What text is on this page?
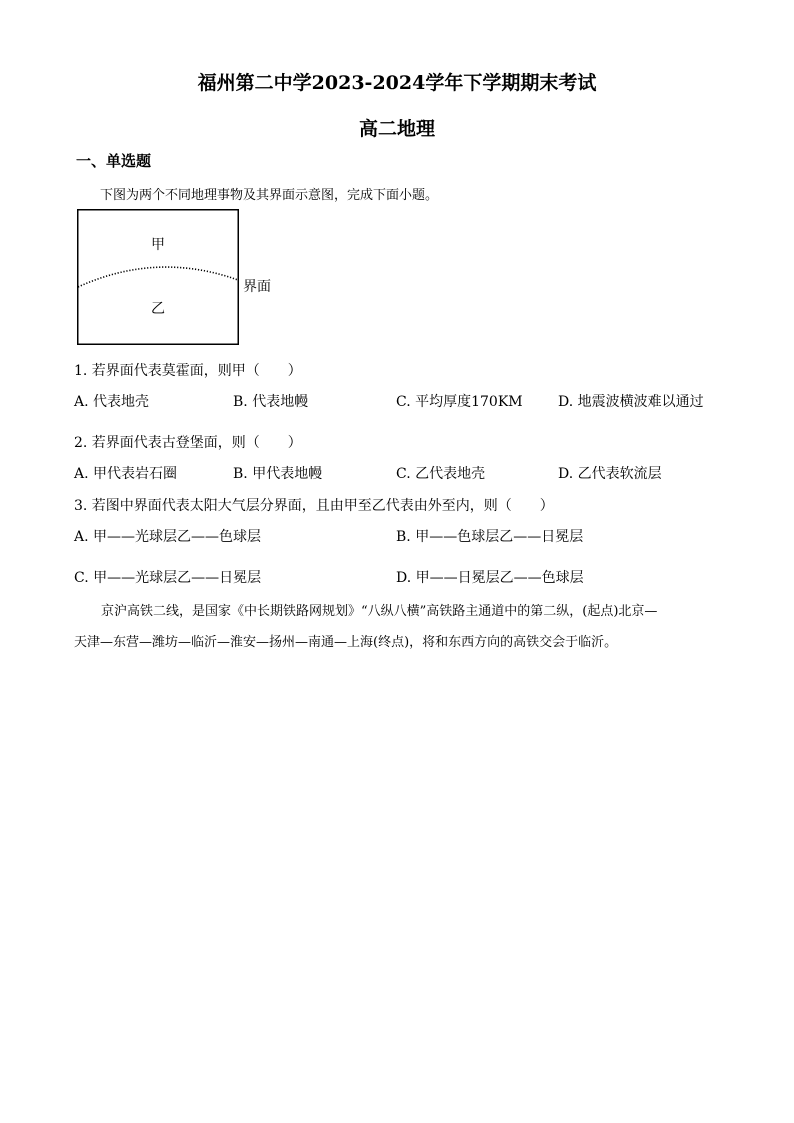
福州第二中学2023-2024学年下学期期末考试
高二地理
一、单选题
下图为两个不同地理事物及其界面示意图，完成下面小题。
甲
乙
界面
1. 若界面代表莫霍面，则甲（　　）
A. 代表地壳	B. 代表地幔	C. 平均厚度170KM	D. 地震波横波难以通过
2. 若界面代表古登堡面，则（　　）
A. 甲代表岩石圈	B. 甲代表地幔	C. 乙代表地壳	D. 乙代表软流层
3. 若图中界面代表太阳大气层分界面，且由甲至乙代表由外至内，则（　　）
A. 甲——光球层乙——色球层	B. 甲——色球层乙——日冕层
C. 甲——光球层乙——日冕层	D. 甲——日冕层乙——色球层
京沪高铁二线，是国家《中长期铁路网规划》“八纵八横”高铁路主通道中的第二纵，(起点)北京—
天津—东营—潍坊—临沂—淮安—扬州—南通—上海(终点)，将和东西方向的高铁交会于临沂。
